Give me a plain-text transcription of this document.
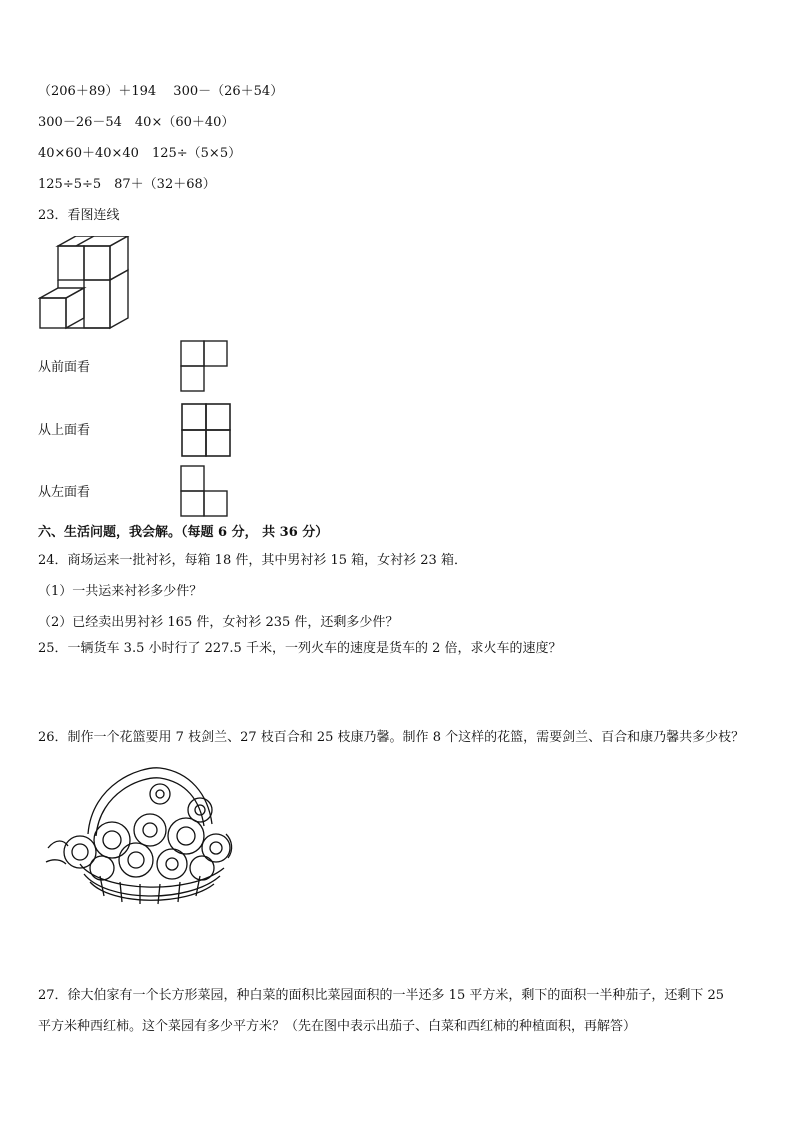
（206＋89）＋194　 300－（26＋54）
300－26－54　40×（60＋40）
40×60＋40×40　125÷（5×5）
125÷5÷5　87＋（32＋68）
23．看图连线
从前面看
从上面看
从左面看
六、生活问题，我会解。（每题 6 分， 共 36 分）
24．商场运来一批衬衫，每箱 18 件，其中男衬衫 15 箱，女衬衫 23 箱．
（1）一共运来衬衫多少件？
（2）已经卖出男衬衫 165 件，女衬衫 235 件，还剩多少件？
25．一辆货车 3.5 小时行了 227.5 千米，一列火车的速度是货车的 2 倍，求火车的速度？
26．制作一个花篮要用 7 枝剑兰、27 枝百合和 25 枝康乃馨。制作 8 个这样的花篮，需要剑兰、百合和康乃馨共多少枝？
27．徐大伯家有一个长方形菜园，种白菜的面积比菜园面积的一半还多 15 平方米，剩下的面积一半种茄子，还剩下 25
平方米种西红柿。这个菜园有多少平方米？（先在图中表示出茄子、白菜和西红柿的种植面积，再解答）
